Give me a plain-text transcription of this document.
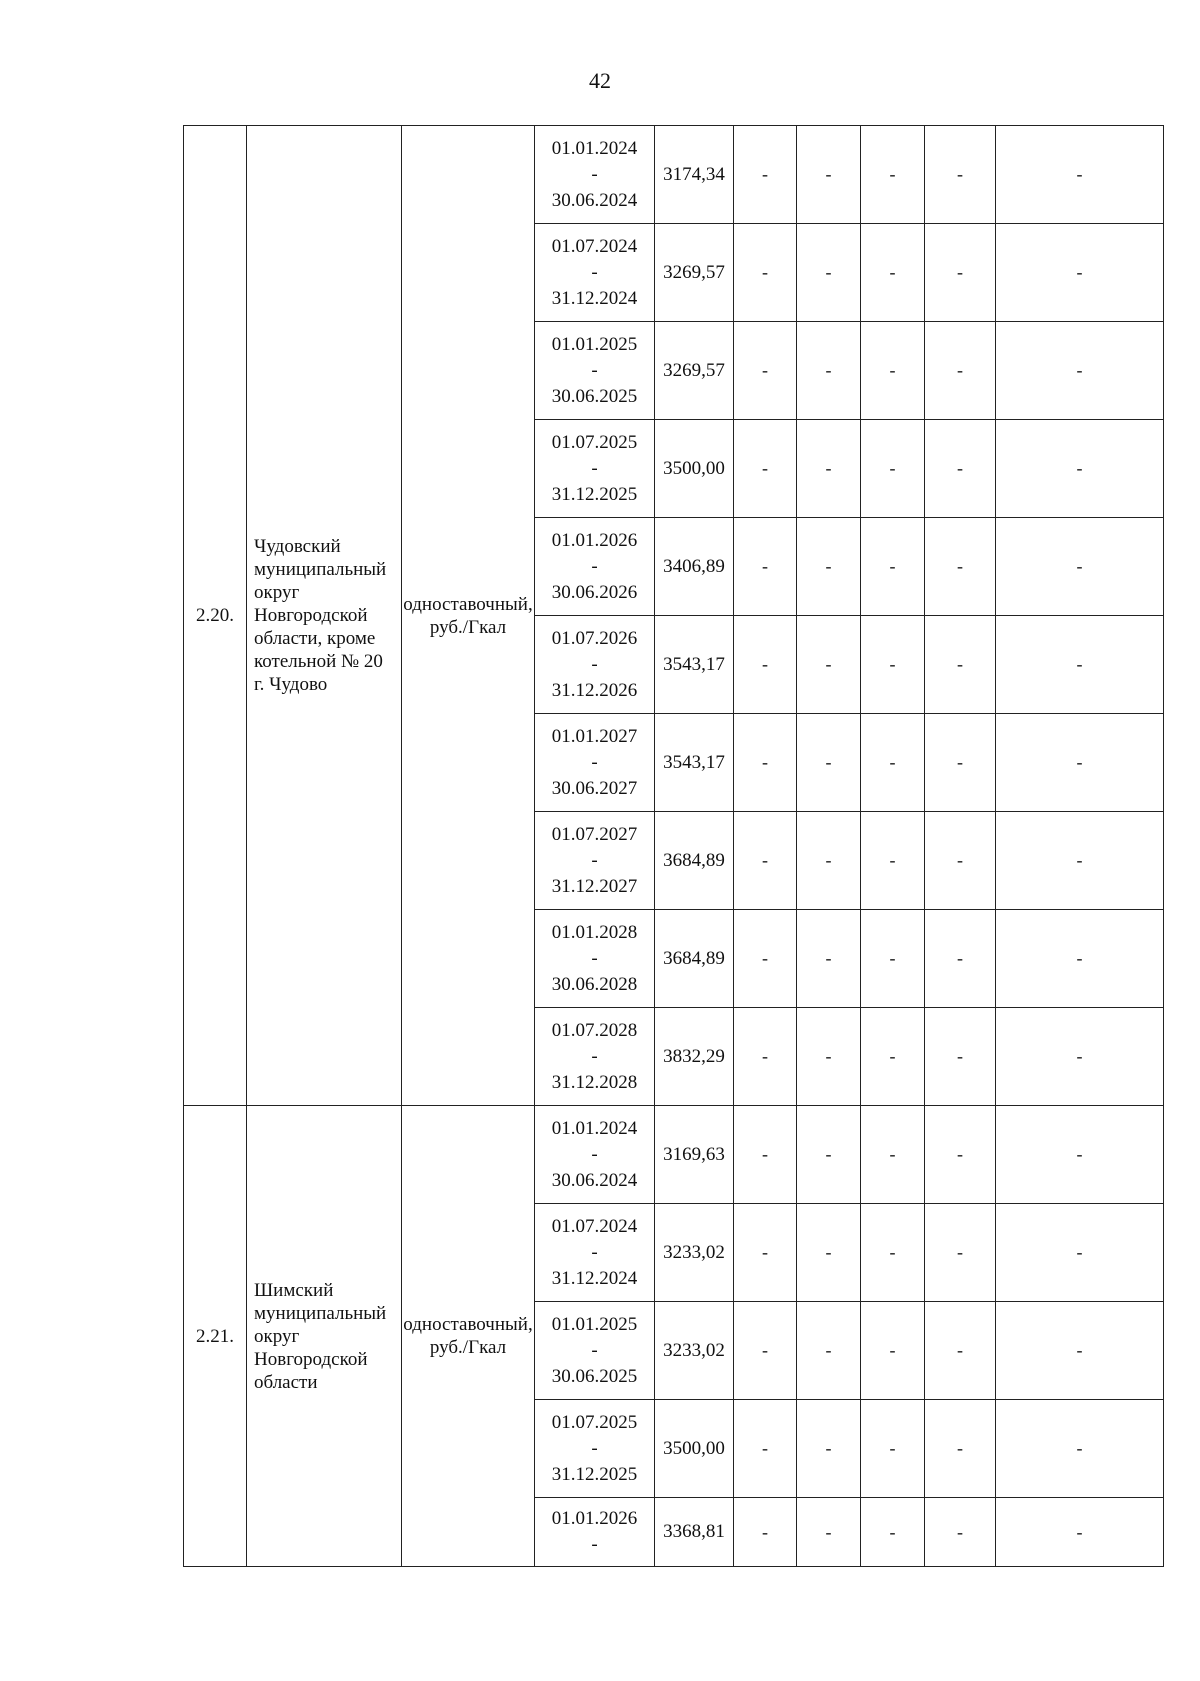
42
2.20.	Чудовский муниципальный округ Новгородской области, кроме котельной № 20 г. Чудово	одноставочный, руб./Гкал	01.01.2024
-
30.06.2024	3174,34	-	-	-	-	-

			01.07.2024
-
31.12.2024	3269,57	-	-	-	-	-

			01.01.2025
-
30.06.2025	3269,57	-	-	-	-	-

			01.07.2025
-
31.12.2025	3500,00	-	-	-	-	-

			01.01.2026
-
30.06.2026	3406,89	-	-	-	-	-

			01.07.2026
-
31.12.2026	3543,17	-	-	-	-	-

			01.01.2027
-
30.06.2027	3543,17	-	-	-	-	-

			01.07.2027
-
31.12.2027	3684,89	-	-	-	-	-

			01.01.2028
-
30.06.2028	3684,89	-	-	-	-	-

			01.07.2028
-
31.12.2028	3832,29	-	-	-	-	-
2.21.	Шимский муниципальный округ Новгородской области	одноставочный, руб./Гкал	01.01.2024
-
30.06.2024	3169,63	-	-	-	-	-

			01.07.2024
-
31.12.2024	3233,02	-	-	-	-	-

			01.01.2025
-
30.06.2025	3233,02	-	-	-	-	-

			01.07.2025
-
31.12.2025	3500,00	-	-	-	-	-

			01.01.2026
-	3368,81	-	-	-	-	-
